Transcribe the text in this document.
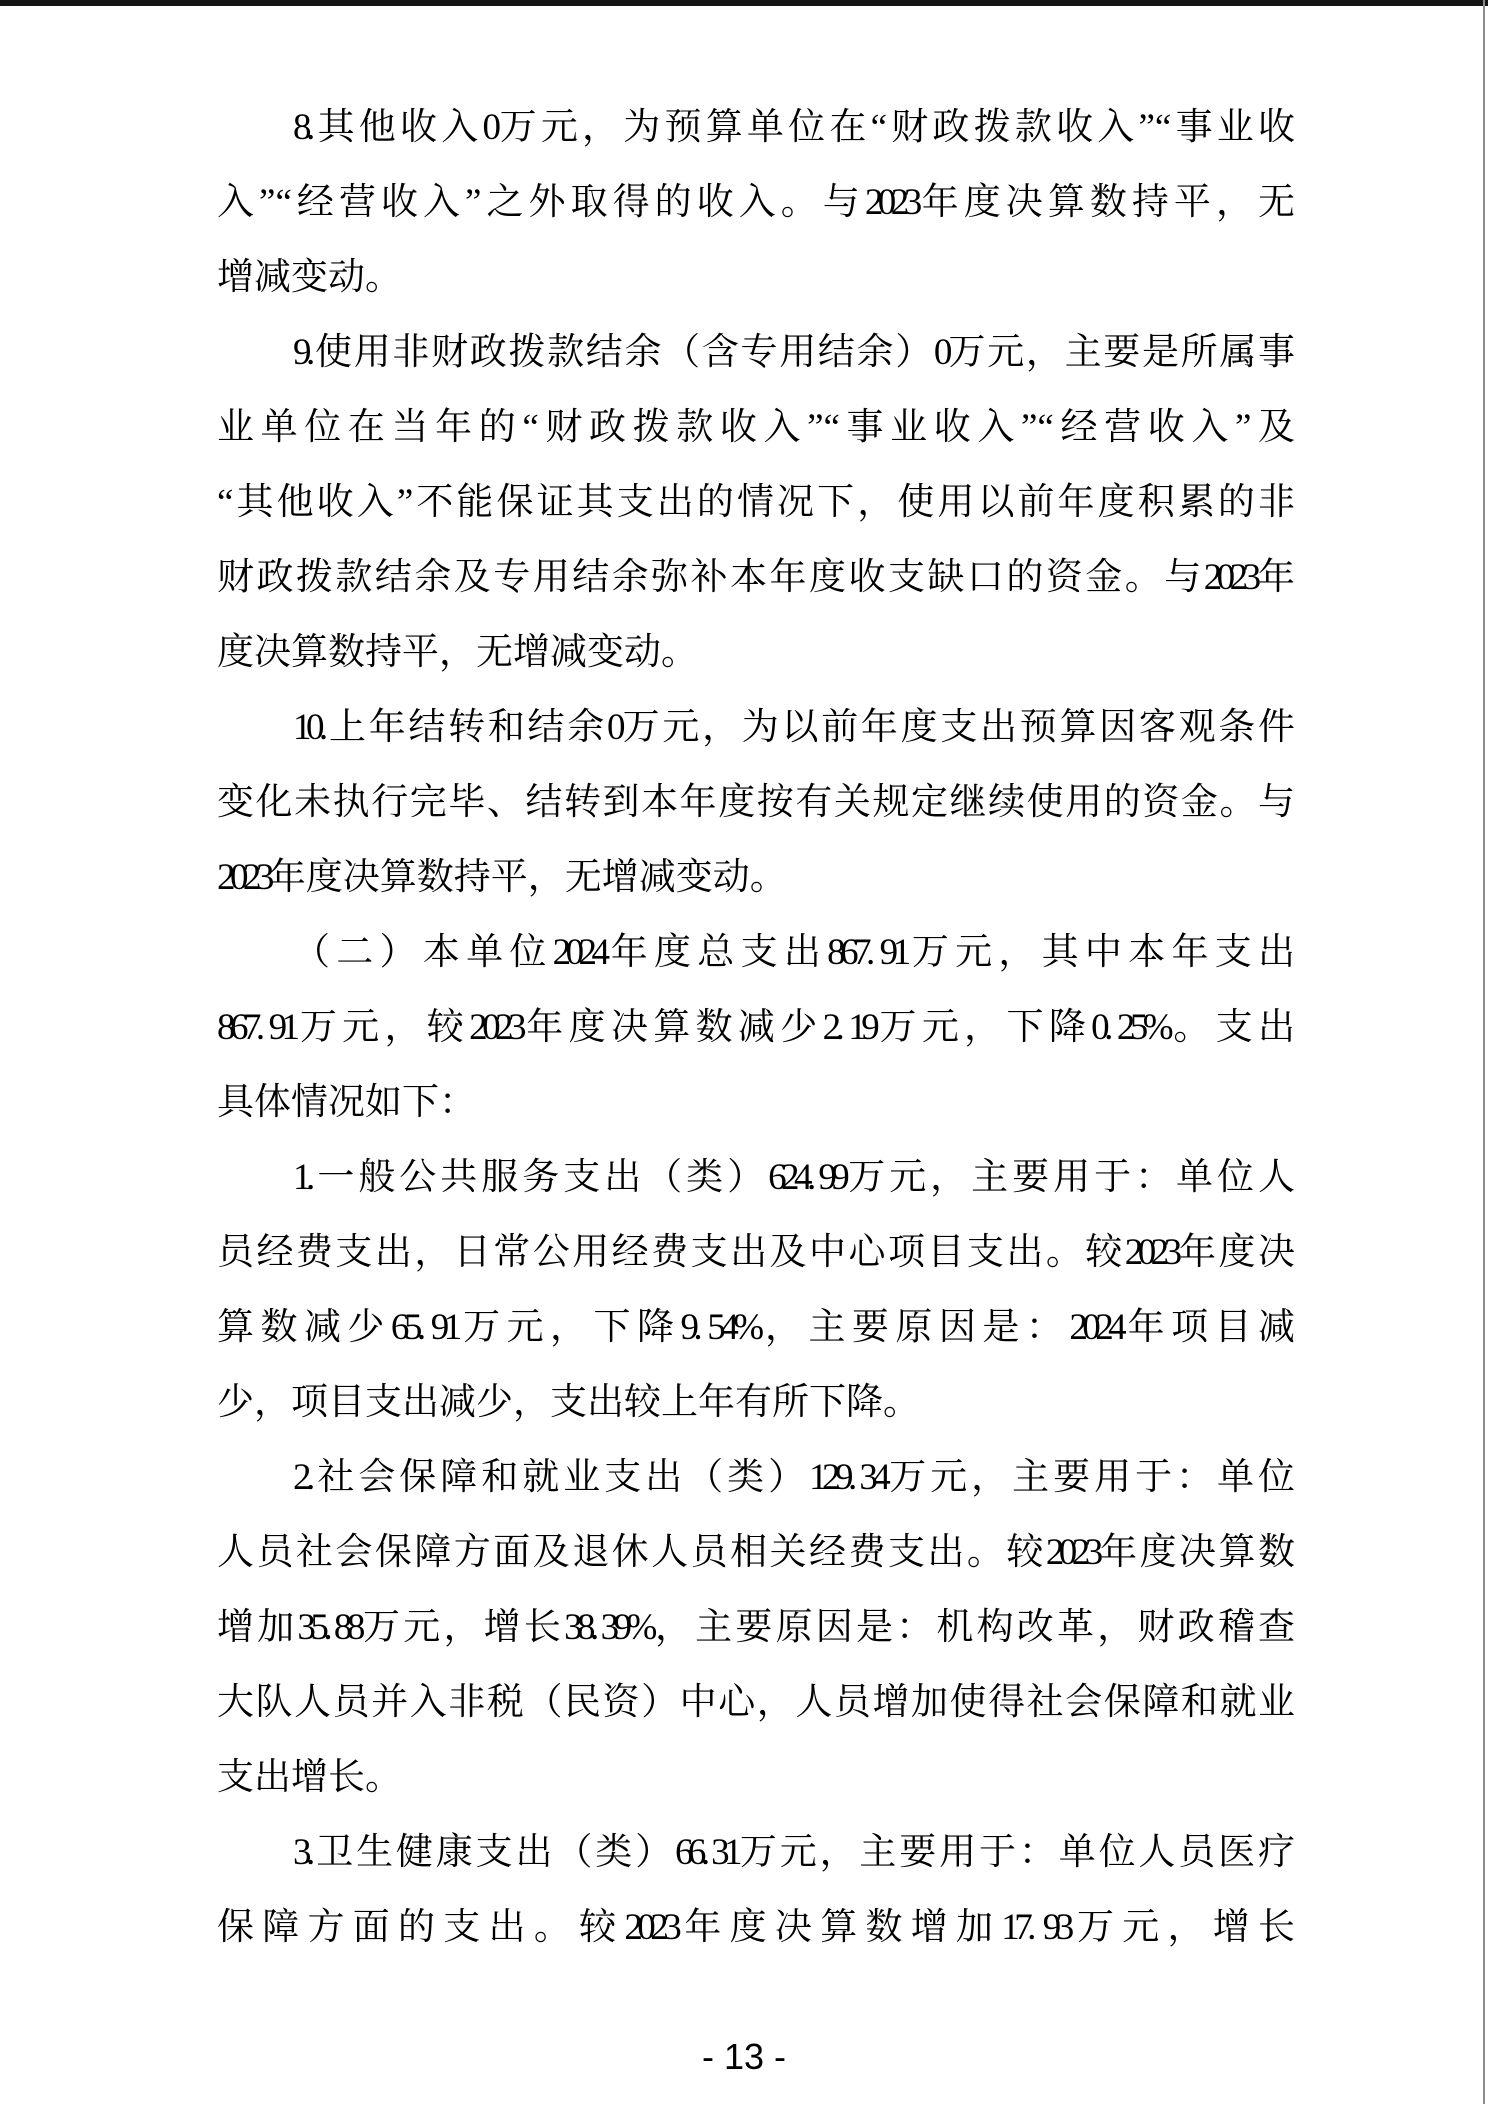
8. 其他收入0万元，为预算单位在“财政拨款收入”“事业收
入”“经营收入”之外取得的收入。与2023年度决算数持平，无
增减变动。
9. 使用非财政拨款结余（含专用结余）0万元，主要是所属事
业单位在当年的“财政拨款收入”“事业收入”“经营收入”及
“其他收入”不能保证其支出的情况下，使用以前年度积累的非
财政拨款结余及专用结余弥补本年度收支缺口的资金。与2023年
度决算数持平，无增减变动。
10. 上年结转和结余0万元，为以前年度支出预算因客观条件
变化未执行完毕、结转到本年度按有关规定继续使用的资金。与
2023年度决算数持平，无增减变动。
（二）本单位2024年度总支出867. 91万元，其中本年支出
867. 91万元，较2023年度决算数减少2. 19万元，下降0. 25%。支出
具体情况如下：
1. 一般公共服务支出（类）624. 99万元，主要用于：单位人
员经费支出，日常公用经费支出及中心项目支出。较2023年度决
算数减少65. 91万元，下降9. 54%，主要原因是：2024年项目减
少，项目支出减少，支出较上年有所下降。
2. 社会保障和就业支出（类）129. 34万元，主要用于：单位
人员社会保障方面及退休人员相关经费支出。较2023年度决算数
增加35. 88万元，增长38. 39%，主要原因是：机构改革，财政稽查
大队人员并入非税（民资）中心，人员增加使得社会保障和就业
支出增长。
3. 卫生健康支出（类）66. 31万元，主要用于：单位人员医疗
保障方面的支出。较2023年度决算数增加17. 93万元，增长
- 13 -
